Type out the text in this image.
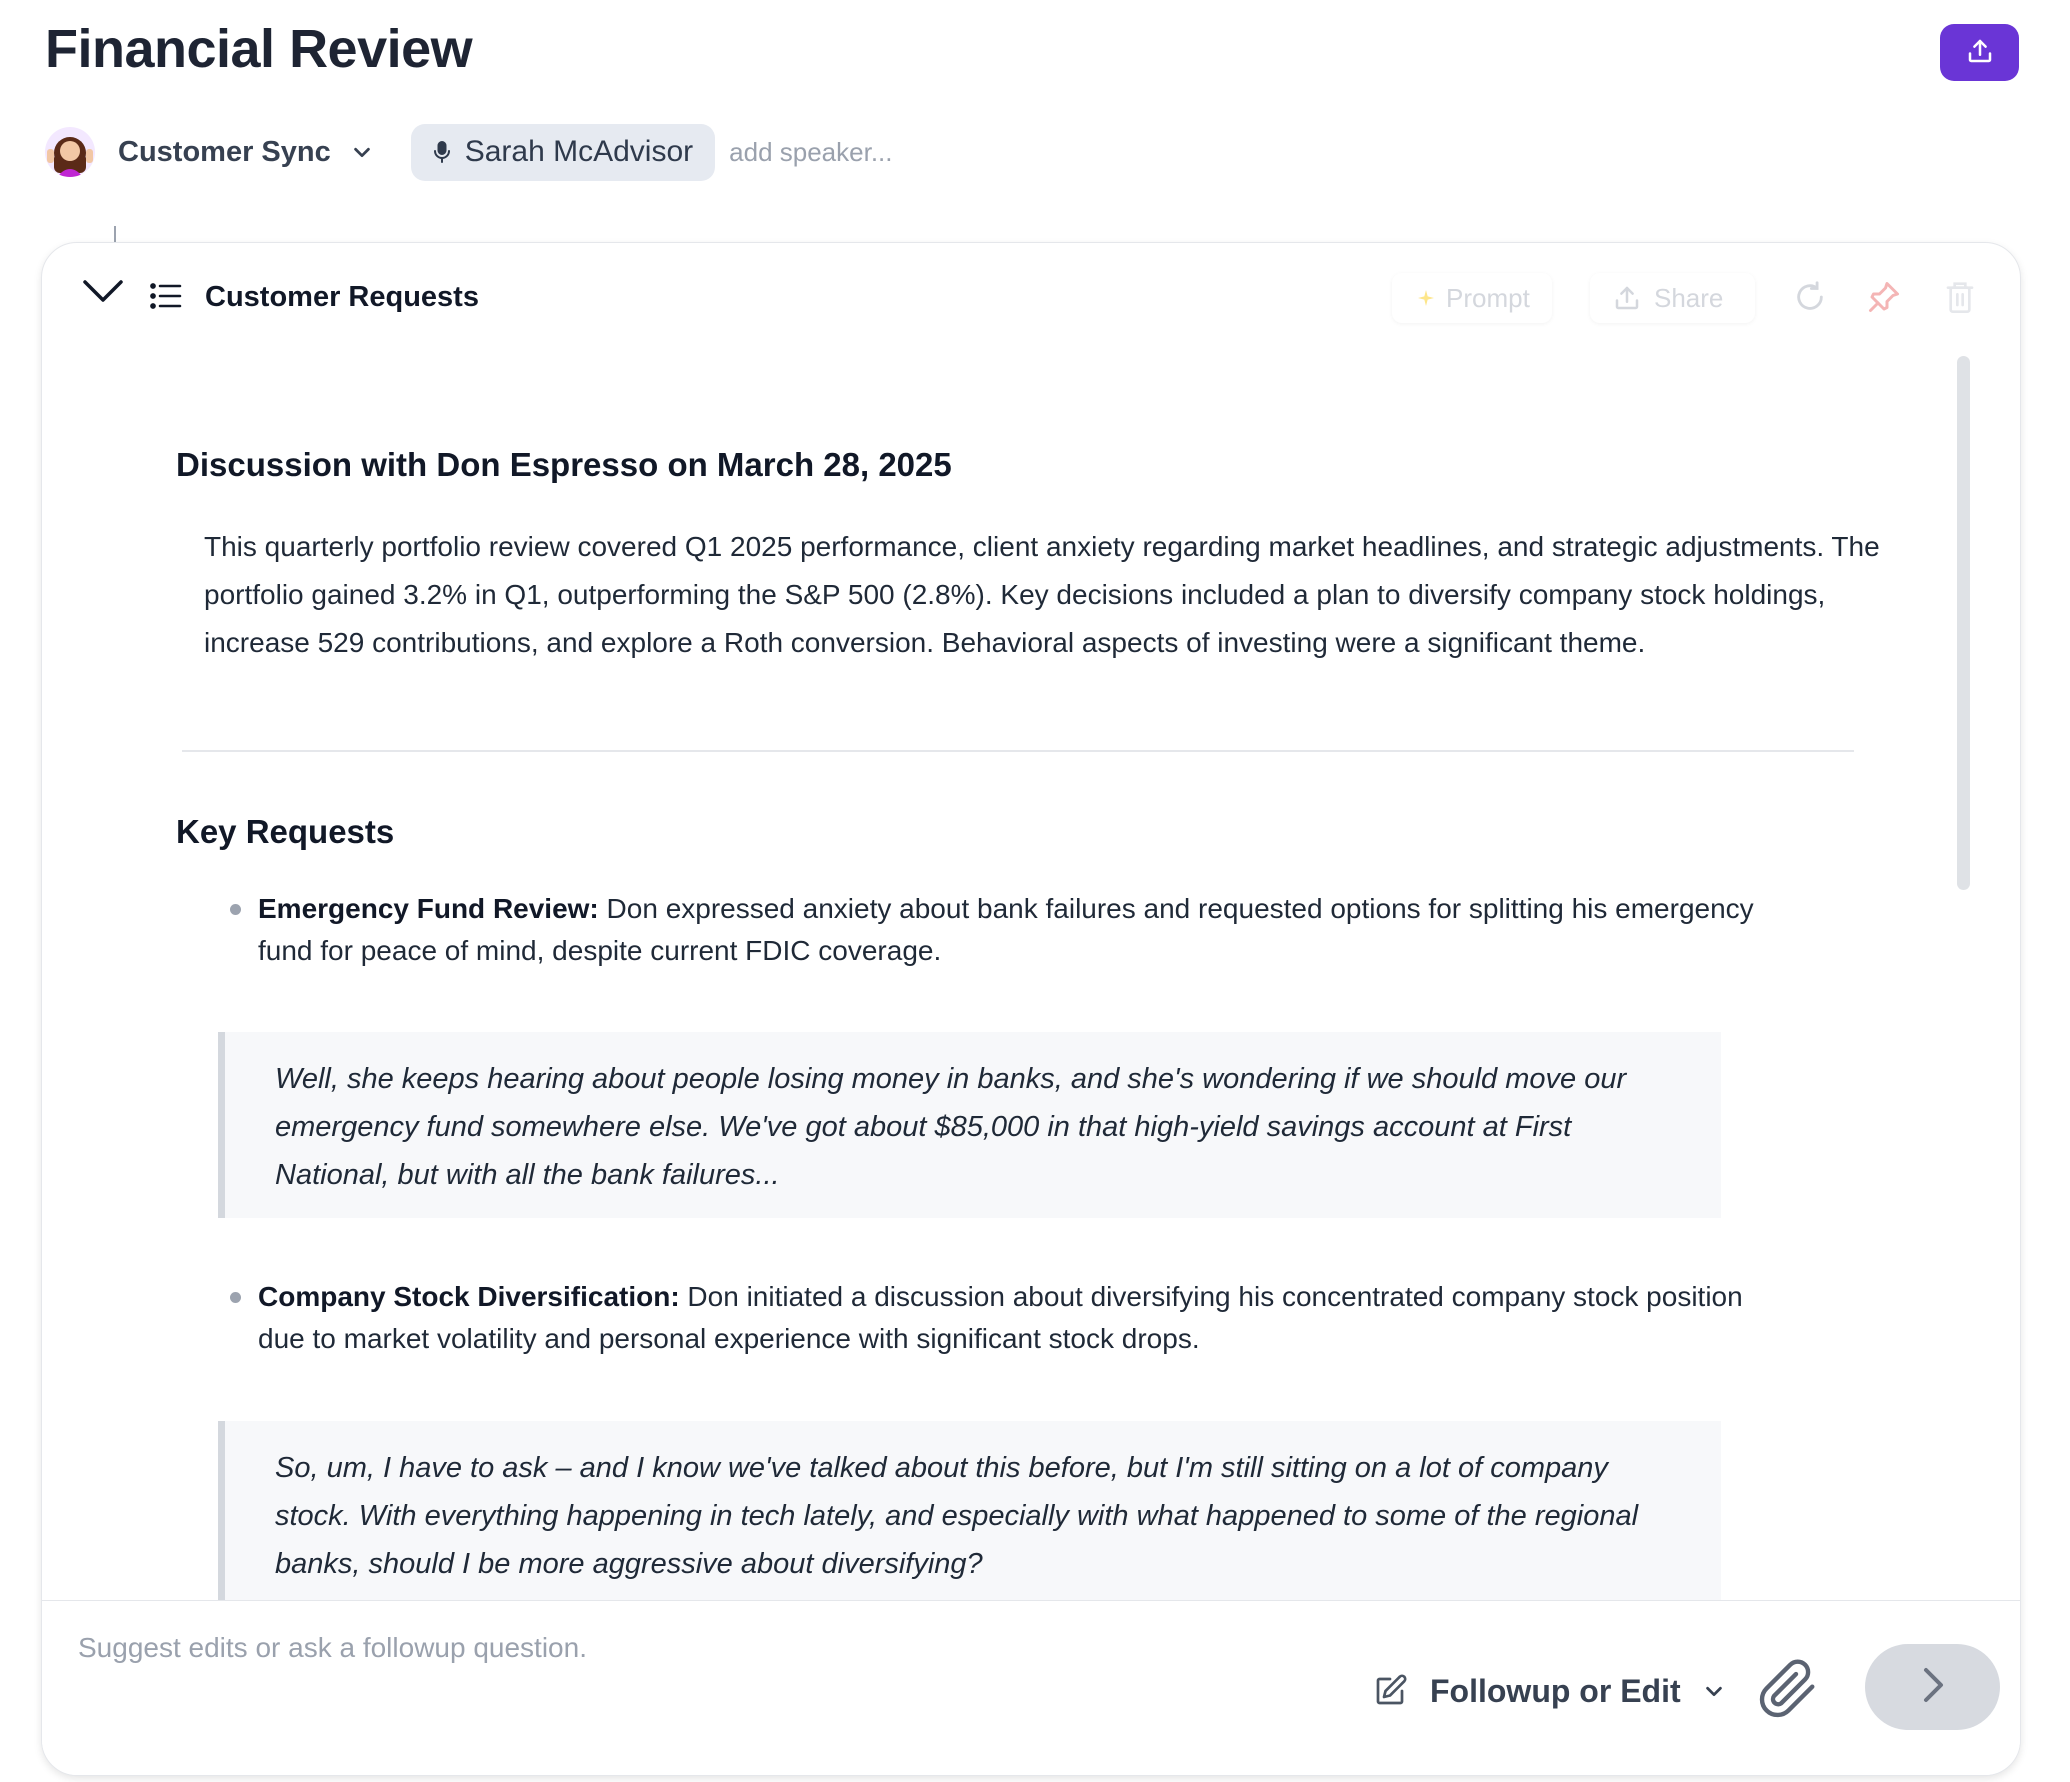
Financial Review
Customer Sync	Sarah McAdvisor add speaker...
Customer Requests	Prompt	Share
Discussion with Don Espresso on March 28, 2025

This quarterly portfolio review covered Q1 2025 performance, client anxiety regarding market headlines, and strategic adjustments. The portfolio gained 3.2% in Q1, outperforming the S&P 500 (2.8%). Key decisions included a plan to diversify company stock holdings, increase 529 contributions, and explore a Roth conversion. Behavioral aspects of investing were a significant theme.

Key Requests
Emergency Fund Review: Don expressed anxiety about bank failures and requested options for splitting his emergency fund for peace of mind, despite current FDIC coverage.
Well, she keeps hearing about people losing money in banks, and she's wondering if we should move our emergency fund somewhere else. We've got about $85,000 in that high-yield savings account at First National, but with all the bank failures...
Company Stock Diversification: Don initiated a discussion about diversifying his concentrated company stock position due to market volatility and personal experience with significant stock drops.
So, um, I have to ask – and I know we've talked about this before, but I'm still sitting on a lot of company stock. With everything happening in tech lately, and especially with what happened to some of the regional banks, should I be more aggressive about diversifying?
Suggest edits or ask a followup question.
Followup or Edit
